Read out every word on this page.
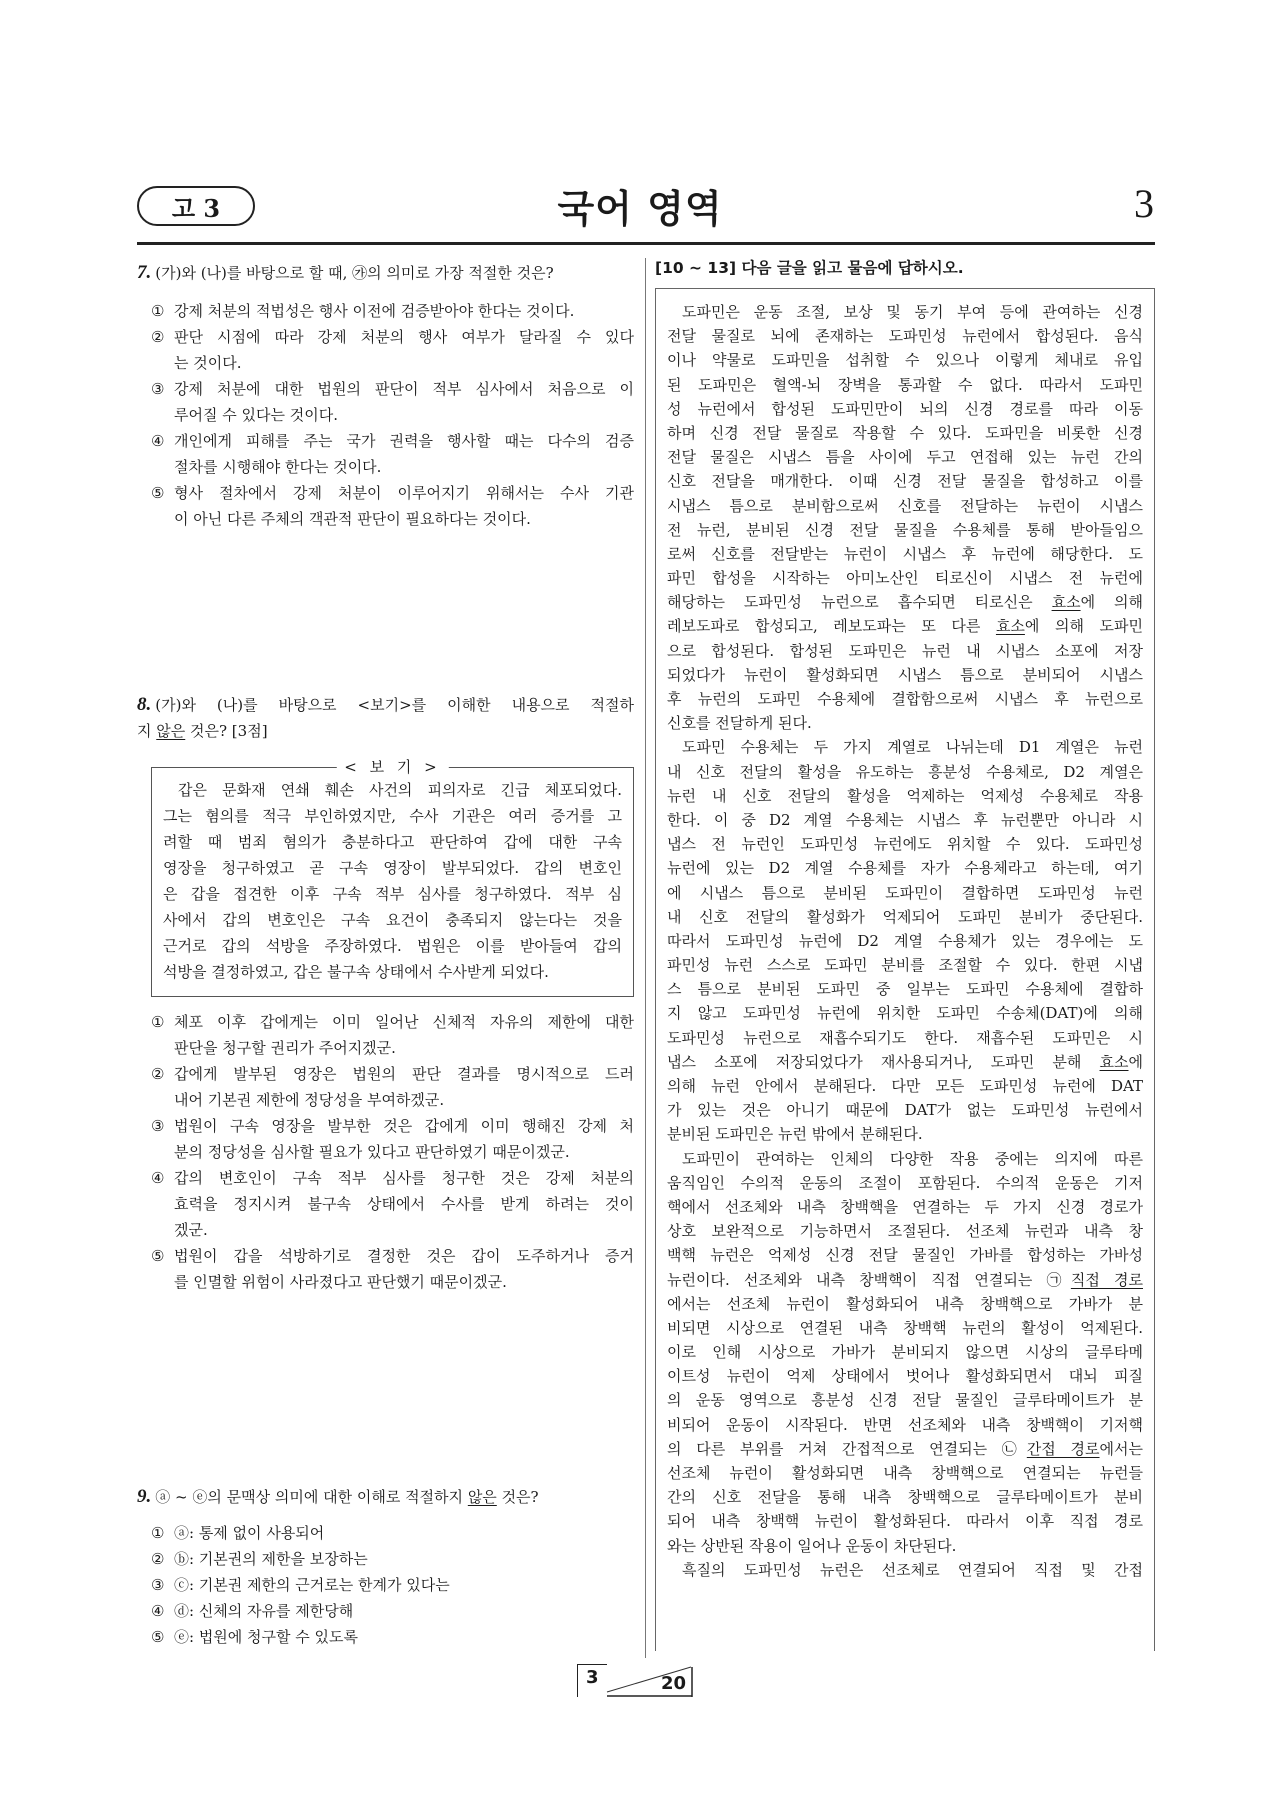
고 3	국어 영역	3
7. (가)와 (나)를 바탕으로 할 때, ㉮의 의미로 가장 적절한 것은?
① 강제 처분의 적법성은 행사 이전에 검증받아야 한다는 것이다.
② 판단 시점에 따라 강제 처분의 행사 여부가 달라질 수 있다
는 것이다.
③ 강제 처분에 대한 법원의 판단이 적부 심사에서 처음으로 이
루어질 수 있다는 것이다.
④ 개인에게 피해를 주는 국가 권력을 행사할 때는 다수의 검증
절차를 시행해야 한다는 것이다.
⑤ 형사 절차에서 강제 처분이 이루어지기 위해서는 수사 기관
이 아닌 다른 주체의 객관적 판단이 필요하다는 것이다.
8. (가)와 (나)를 바탕으로 <보기>를 이해한 내용으로 적절하
지 않은 것은? [3점]
< 보 기 >
갑은 문화재 연쇄 훼손 사건의 피의자로 긴급 체포되었다.
그는 혐의를 적극 부인하였지만, 수사 기관은 여러 증거를 고
려할 때 범죄 혐의가 충분하다고 판단하여 갑에 대한 구속
영장을 청구하였고 곧 구속 영장이 발부되었다. 갑의 변호인
은 갑을 접견한 이후 구속 적부 심사를 청구하였다. 적부 심
사에서 갑의 변호인은 구속 요건이 충족되지 않는다는 것을
근거로 갑의 석방을 주장하였다. 법원은 이를 받아들여 갑의
석방을 결정하였고, 갑은 불구속 상태에서 수사받게 되었다.
① 체포 이후 갑에게는 이미 일어난 신체적 자유의 제한에 대한
판단을 청구할 권리가 주어지겠군.
② 갑에게 발부된 영장은 법원의 판단 결과를 명시적으로 드러
내어 기본권 제한에 정당성을 부여하겠군.
③ 법원이 구속 영장을 발부한 것은 갑에게 이미 행해진 강제 처
분의 정당성을 심사할 필요가 있다고 판단하였기 때문이겠군.
④ 갑의 변호인이 구속 적부 심사를 청구한 것은 강제 처분의
효력을 정지시켜 불구속 상태에서 수사를 받게 하려는 것이
겠군.
⑤ 법원이 갑을 석방하기로 결정한 것은 갑이 도주하거나 증거
를 인멸할 위험이 사라졌다고 판단했기 때문이겠군.
9. ⓐ ~ ⓔ의 문맥상 의미에 대한 이해로 적절하지 않은 것은?
① ⓐ: 통제 없이 사용되어
② ⓑ: 기본권의 제한을 보장하는
③ ⓒ: 기본권 제한의 근거로는 한계가 있다는
④ ⓓ: 신체의 자유를 제한당해
⑤ ⓔ: 법원에 청구할 수 있도록
[10 ~ 13] 다음 글을 읽고 물음에 답하시오.
도파민은 운동 조절, 보상 및 동기 부여 등에 관여하는 신경
전달 물질로 뇌에 존재하는 도파민성 뉴런에서 합성된다. 음식
이나 약물로 도파민을 섭취할 수 있으나 이렇게 체내로 유입
된 도파민은 혈액-뇌 장벽을 통과할 수 없다. 따라서 도파민
성 뉴런에서 합성된 도파민만이 뇌의 신경 경로를 따라 이동
하며 신경 전달 물질로 작용할 수 있다. 도파민을 비롯한 신경
전달 물질은 시냅스 틈을 사이에 두고 연접해 있는 뉴런 간의
신호 전달을 매개한다. 이때 신경 전달 물질을 합성하고 이를
시냅스 틈으로 분비함으로써 신호를 전달하는 뉴런이 시냅스
전 뉴런, 분비된 신경 전달 물질을 수용체를 통해 받아들임으
로써 신호를 전달받는 뉴런이 시냅스 후 뉴런에 해당한다. 도
파민 합성을 시작하는 아미노산인 티로신이 시냅스 전 뉴런에
해당하는 도파민성 뉴런으로 흡수되면 티로신은 효소에 의해
레보도파로 합성되고, 레보도파는 또 다른 효소에 의해 도파민
으로 합성된다. 합성된 도파민은 뉴런 내 시냅스 소포에 저장
되었다가 뉴런이 활성화되면 시냅스 틈으로 분비되어 시냅스
후 뉴런의 도파민 수용체에 결합함으로써 시냅스 후 뉴런으로
신호를 전달하게 된다.
도파민 수용체는 두 가지 계열로 나뉘는데 D1 계열은 뉴런
내 신호 전달의 활성을 유도하는 흥분성 수용체로, D2 계열은
뉴런 내 신호 전달의 활성을 억제하는 억제성 수용체로 작용
한다. 이 중 D2 계열 수용체는 시냅스 후 뉴런뿐만 아니라 시
냅스 전 뉴런인 도파민성 뉴런에도 위치할 수 있다. 도파민성
뉴런에 있는 D2 계열 수용체를 자가 수용체라고 하는데, 여기
에 시냅스 틈으로 분비된 도파민이 결합하면 도파민성 뉴런
내 신호 전달의 활성화가 억제되어 도파민 분비가 중단된다.
따라서 도파민성 뉴런에 D2 계열 수용체가 있는 경우에는 도
파민성 뉴런 스스로 도파민 분비를 조절할 수 있다. 한편 시냅
스 틈으로 분비된 도파민 중 일부는 도파민 수용체에 결합하
지 않고 도파민성 뉴런에 위치한 도파민 수송체(DAT)에 의해
도파민성 뉴런으로 재흡수되기도 한다. 재흡수된 도파민은 시
냅스 소포에 저장되었다가 재사용되거나, 도파민 분해 효소에
의해 뉴런 안에서 분해된다. 다만 모든 도파민성 뉴런에 DAT
가 있는 것은 아니기 때문에 DAT가 없는 도파민성 뉴런에서
분비된 도파민은 뉴런 밖에서 분해된다.
도파민이 관여하는 인체의 다양한 작용 중에는 의지에 따른
움직임인 수의적 운동의 조절이 포함된다. 수의적 운동은 기저
핵에서 선조체와 내측 창백핵을 연결하는 두 가지 신경 경로가
상호 보완적으로 기능하면서 조절된다. 선조체 뉴런과 내측 창
백핵 뉴런은 억제성 신경 전달 물질인 가바를 합성하는 가바성
뉴런이다. 선조체와 내측 창백핵이 직접 연결되는 ㉠직접 경로
에서는 선조체 뉴런이 활성화되어 내측 창백핵으로 가바가 분
비되면 시상으로 연결된 내측 창백핵 뉴런의 활성이 억제된다.
이로 인해 시상으로 가바가 분비되지 않으면 시상의 글루타메
이트성 뉴런이 억제 상태에서 벗어나 활성화되면서 대뇌 피질
의 운동 영역으로 흥분성 신경 전달 물질인 글루타메이트가 분
비되어 운동이 시작된다. 반면 선조체와 내측 창백핵이 기저핵
의 다른 부위를 거쳐 간접적으로 연결되는 ㉡간접 경로에서는
선조체 뉴런이 활성화되면 내측 창백핵으로 연결되는 뉴런들
간의 신호 전달을 통해 내측 창백핵으로 글루타메이트가 분비
되어 내측 창백핵 뉴런이 활성화된다. 따라서 이후 직접 경로
와는 상반된 작용이 일어나 운동이 차단된다.
흑질의 도파민성 뉴런은 선조체로 연결되어 직접 및 간접
3	20
